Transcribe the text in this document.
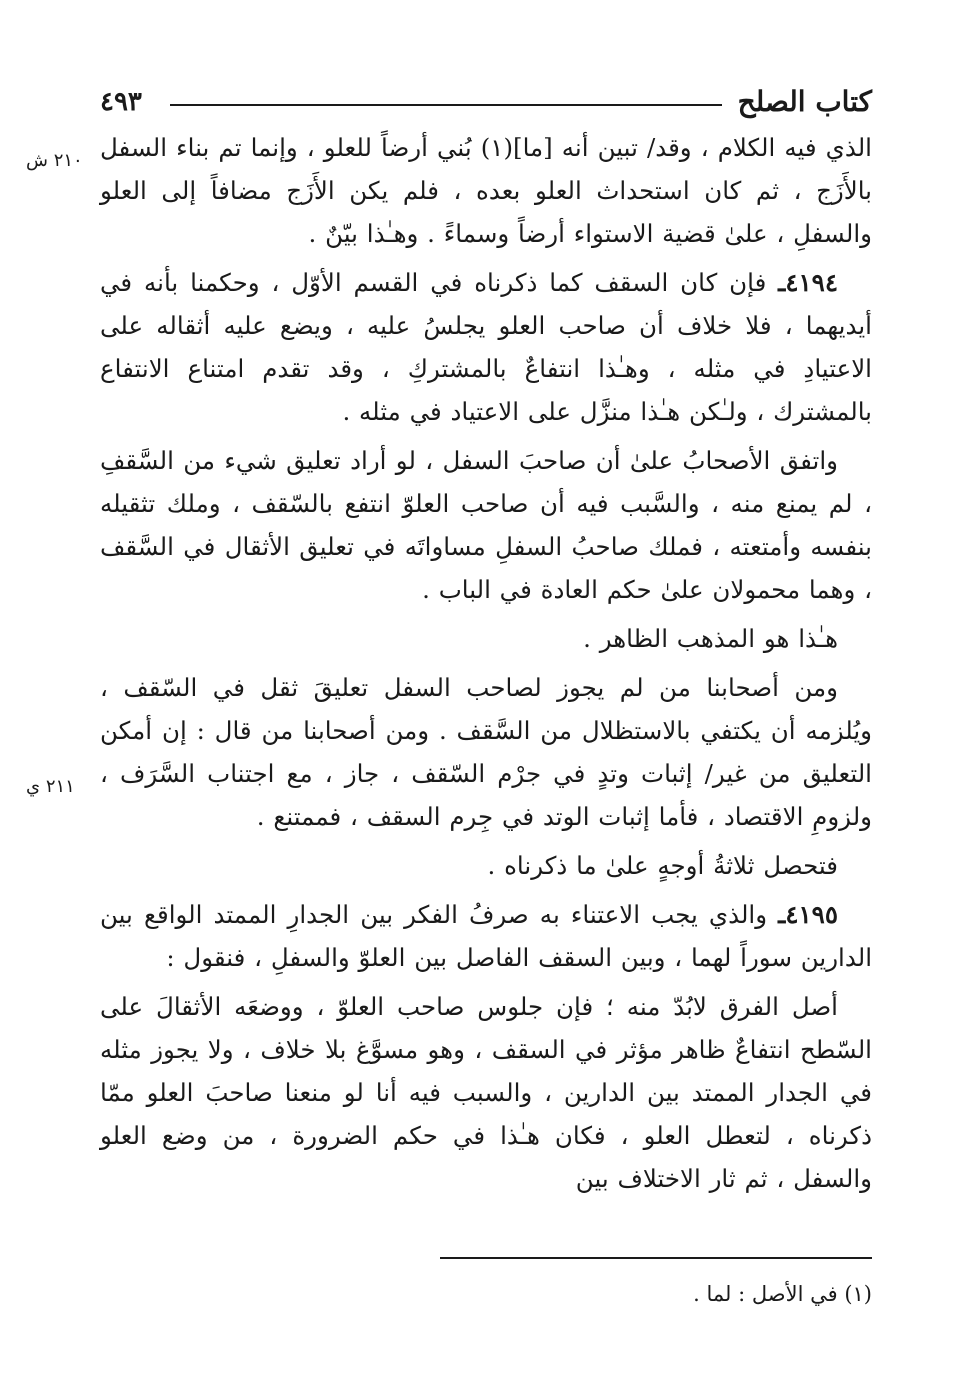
كتاب الصلح
٤٩٣
٢١٠ ش
٢١١ ي

الذي فيه الكلام ، وقد/ تبين أنه [ما](١) بُني أرضاً للعلو ، وإنما تم بناء السفل بالأَزَج ، ثم كان استحداث العلو بعده ، فلم يكن الأَزَج مضافاً إلى العلو والسفلِ ، علىٰ قضية الاستواء أرضاً وسماءً . وهـٰذا بيّنٌ .

٤١٩٤ـ فإن كان السقف كما ذكرناه في القسم الأوّل ، وحكمنا بأنه في أيديهما ، فلا خلاف أن صاحب العلو يجلسُ عليه ، ويضع عليه أثقاله على الاعتيادِ في مثله ، وهـٰذا انتفاعٌ بالمشتركِ ، وقد تقدم امتناع الانتفاع بالمشترك ، ولـٰكن هـٰذا منزَّل على الاعتياد في مثله .

واتفق الأصحابُ علىٰ أن صاحبَ السفل ، لو أراد تعليق شيء من السَّقفِ ، لم يمنع منه ، والسَّبب فيه أن صاحب العلوّ انتفع بالسّقف ، وملك تثقيله بنفسه وأمتعته ، فملك صاحبُ السفلِ مساواتَه في تعليق الأثقال في السَّقف ، وهما محمولان علىٰ حكم العادة في الباب .

هـٰذا هو المذهب الظاهر .

ومن أصحابنا من لم يجوز لصاحب السفل تعليقَ ثقل في السّقف ، ويُلزمه أن يكتفي بالاستظلال من السَّقف . ومن أصحابنا من قال : إن أمكن التعليق من غير/ إثبات وتدٍ في جرْم السّقف ، جاز ، مع اجتناب السَّرَف ، ولزومِ الاقتصاد ، فأما إثبات الوتد في جِرم السقف ، فممتنع .

فتحصل ثلاثةُ أوجهٍ علىٰ ما ذكرناه .

٤١٩٥ـ والذي يجب الاعتناء به صرفُ الفكر بين الجدارِ الممتد الواقع بين الدارين سوراً لهما ، وبين السقف الفاصل بين العلوّ والسفلِ ، فنقول :

أصل الفرق لابُدّ منه ؛ فإن جلوس صاحب العلوّ ، ووضعَه الأثقالَ على السّطح انتفاعٌ ظاهر مؤثر في السقف ، وهو مسوَّغ بلا خلاف ، ولا يجوز مثله في الجدار الممتد بين الدارين ، والسبب فيه أنا لو منعنا صاحبَ العلو ممّا ذكرناه ، لتعطل العلو ، فكان هـٰذا في حكم الضرورة ، من وضع العلو والسفل ، ثم ثار الاختلاف بين

(١) في الأصل : لما .
